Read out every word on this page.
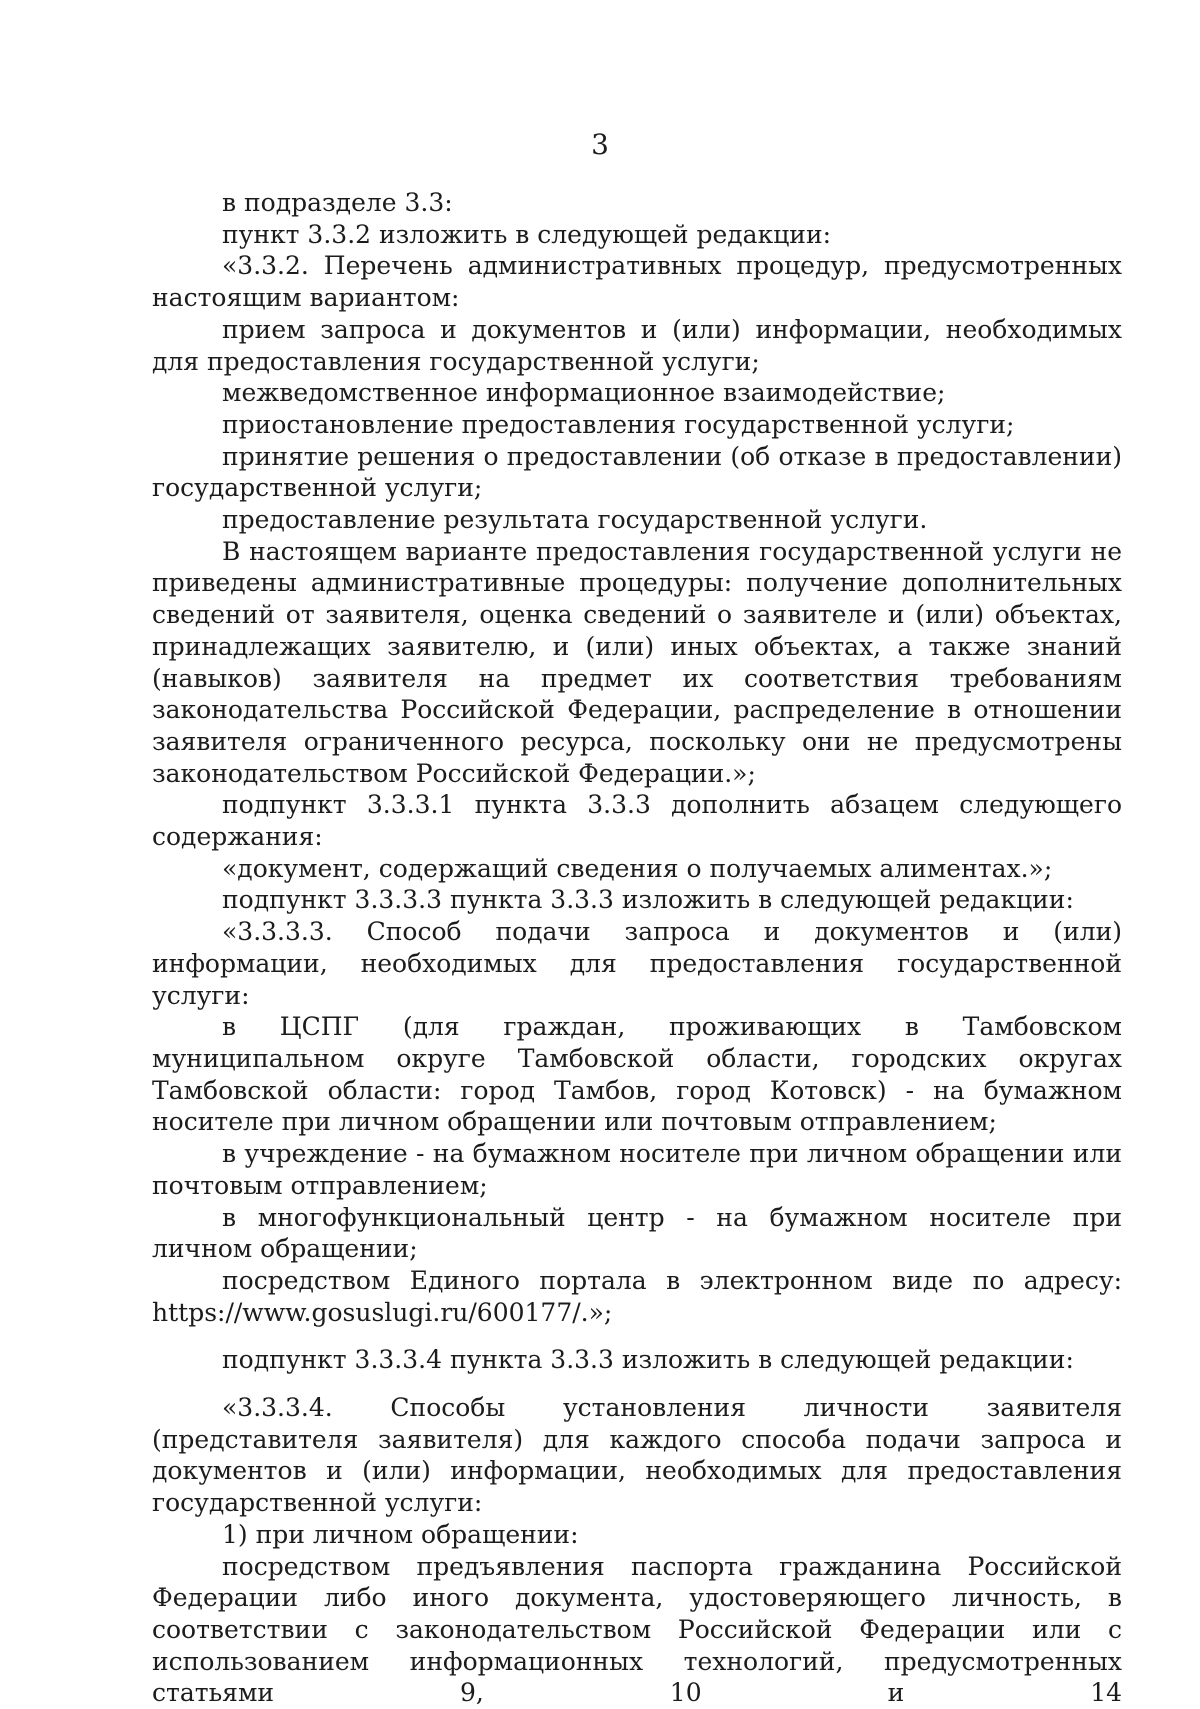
3

в подразделе 3.3:

пункт 3.3.2 изложить в следующей редакции:

«3.3.2. Перечень административных процедур, предусмотренных настоящим вариантом:

прием запроса и документов и (или) информации, необходимых для предоставления государственной услуги;

межведомственное информационное взаимодействие;

приостановление предоставления государственной услуги;

принятие решения о предоставлении (об отказе в предоставлении) государственной услуги;

предоставление результата государственной услуги.

В настоящем варианте предоставления государственной услуги не приведены административные процедуры: получение дополнительных сведений от заявителя, оценка сведений о заявителе и (или) объектах, принадлежащих заявителю, и (или) иных объектах, а также знаний (навыков) заявителя на предмет их соответствия требованиям законодательства Российской Федерации, распределение в отношении заявителя ограниченного ресурса, поскольку они не предусмотрены законодательством Российской Федерации.»;

подпункт 3.3.3.1 пункта 3.3.3 дополнить абзацем следующего содержания:

«документ, содержащий сведения о получаемых алиментах.»;

подпункт 3.3.3.3 пункта 3.3.3 изложить в следующей редакции:

«3.3.3.3. Способ подачи запроса и документов и (или) информации, необходимых для предоставления государственной услуги:

в ЦСПГ (для граждан, проживающих в Тамбовском муниципальном округе Тамбовской области, городских округах Тамбовской области: город Тамбов, город Котовск) - на бумажном носителе при личном обращении или почтовым отправлением;

в учреждение - на бумажном носителе при личном обращении или почтовым отправлением;

в многофункциональный центр - на бумажном носителе при личном обращении;

посредством Единого портала в электронном виде по адресу: https://www.gosuslugi.ru/600177/.»;

подпункт 3.3.3.4 пункта 3.3.3 изложить в следующей редакции:

«3.3.3.4. Способы установления личности заявителя (представителя заявителя) для каждого способа подачи запроса и документов и (или) информации, необходимых для предоставления государственной услуги:

1) при личном обращении:

посредством предъявления паспорта гражданина Российской Федерации либо иного документа, удостоверяющего личность, в соответствии с законодательством Российской Федерации или с использованием информационных технологий, предусмотренных статьями 9, 10 и 14
